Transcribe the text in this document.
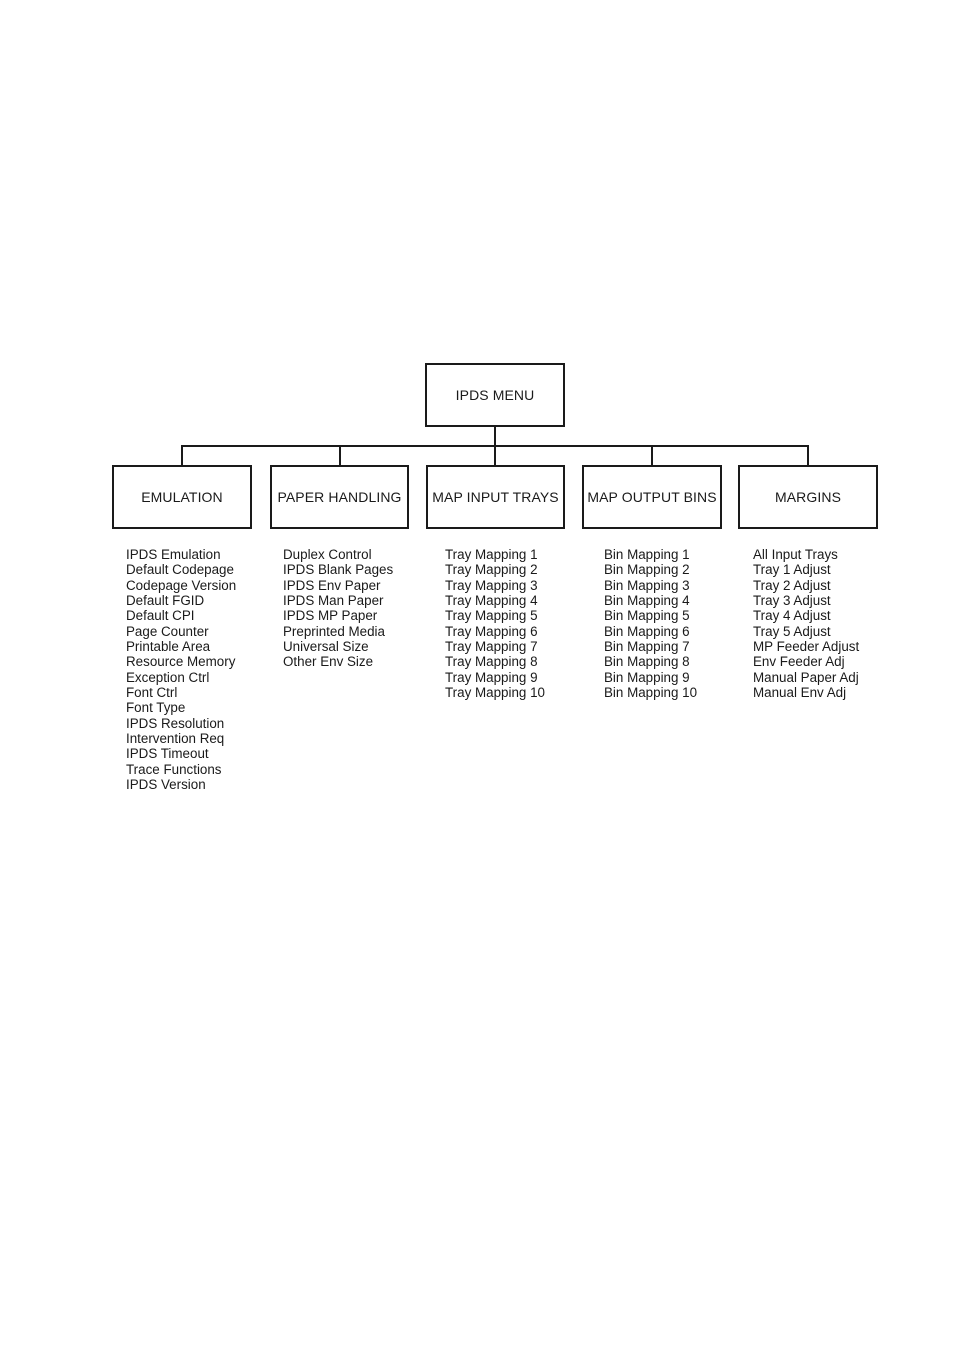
IPDS MENU
EMULATION	PAPER HANDLING	MAP INPUT TRAYS	MAP OUTPUT BINS	MARGINS
IPDS Emulation
Default Codepage
Codepage Version
Default FGID
Default CPI
Page Counter
Printable Area
Resource Memory
Exception Ctrl
Font Ctrl
Font Type
IPDS Resolution
Intervention Req
IPDS Timeout
Trace Functions
IPDS Version
Duplex Control
IPDS Blank Pages
IPDS Env Paper
IPDS Man Paper
IPDS MP Paper
Preprinted Media
Universal Size
Other Env Size
Tray Mapping 1
Tray Mapping 2
Tray Mapping 3
Tray Mapping 4
Tray Mapping 5
Tray Mapping 6
Tray Mapping 7
Tray Mapping 8
Tray Mapping 9
Tray Mapping 10
Bin Mapping 1
Bin Mapping 2
Bin Mapping 3
Bin Mapping 4
Bin Mapping 5
Bin Mapping 6
Bin Mapping 7
Bin Mapping 8
Bin Mapping 9
Bin Mapping 10
All Input Trays
Tray 1 Adjust
Tray 2 Adjust
Tray 3 Adjust
Tray 4 Adjust
Tray 5 Adjust
MP Feeder Adjust
Env Feeder Adj
Manual Paper Adj
Manual Env Adj
